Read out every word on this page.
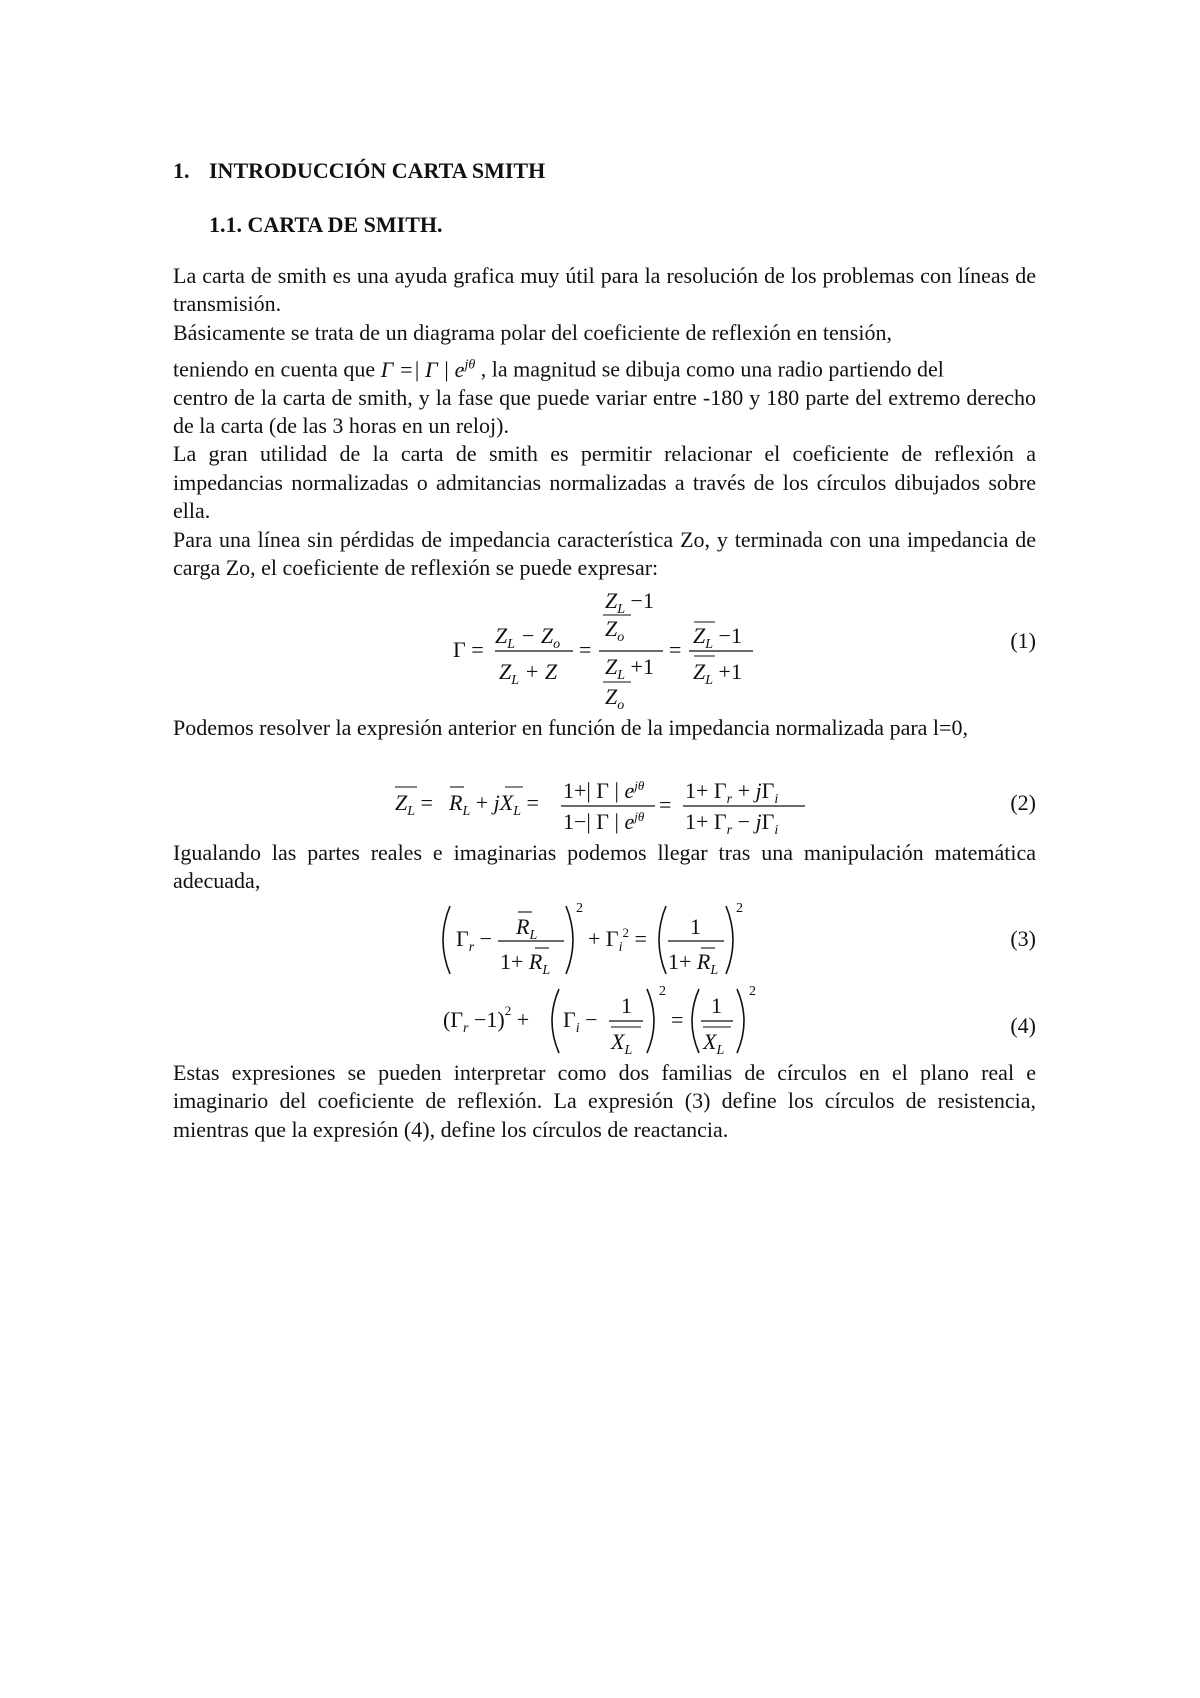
1. INTRODUCCIÓN CARTA SMITH
1.1. CARTA DE SMITH.

La carta de smith es una ayuda grafica muy útil para la resolución de los problemas con líneas de transmisión.

Básicamente se trata de un diagrama polar del coeficiente de reflexión en tensión,

teniendo en cuenta que Γ =| Γ | $e^{j\theta}$ , la magnitud se dibuja como una radio partiendo del

centro de la carta de smith, y la fase que puede variar entre -180 y 180 parte del extremo derecho de la carta (de las 3 horas en un reloj).

La gran utilidad de la carta de smith es permitir relacionar el coeficiente de reflexión a impedancias normalizadas o admitancias normalizadas a través de los círculos dibujados sobre ella.

Para una línea sin pérdidas de impedancia característica Zo, y terminada con una impedancia de carga Zo, el coeficiente de reflexión se puede expresar:

Γ =
$Z_L - Z_o$
$Z_L + Z$
=
$Z_L -1$
$Z_o$
$Z_L +1$
$Z_o$
=
$Z_L -1$
$Z_L +1$
(1)

Podemos resolver la expresión anterior en función de la impedancia normalizada para l=0,

$Z_L = R_L + jX_L = 1+|$ Γ | $e^{j\theta}$
1−| Γ | $e^{j\theta}$ =
$1+ \Gamma_r + j\Gamma_i$
$1+ \Gamma_r - j\Gamma_i$
(2)

Igualando las partes reales e imaginarias podemos llegar tras una manipulación matemática adecuada,

$\Gamma_r - R_L$
$1+ R_L$
2
+ $\Gamma_i^2 = 1$
$1+ R_L$
2
(3)
$(\Gamma_r -1)^2 + \Gamma_i$ −
1
$X_L$
2
=
1
$X_L$
2
(4)

Estas expresiones se pueden interpretar como dos familias de círculos en el plano real e imaginario del coeficiente de reflexión. La expresión (3) define los círculos de resistencia, mientras que la expresión (4), define los círculos de reactancia.
